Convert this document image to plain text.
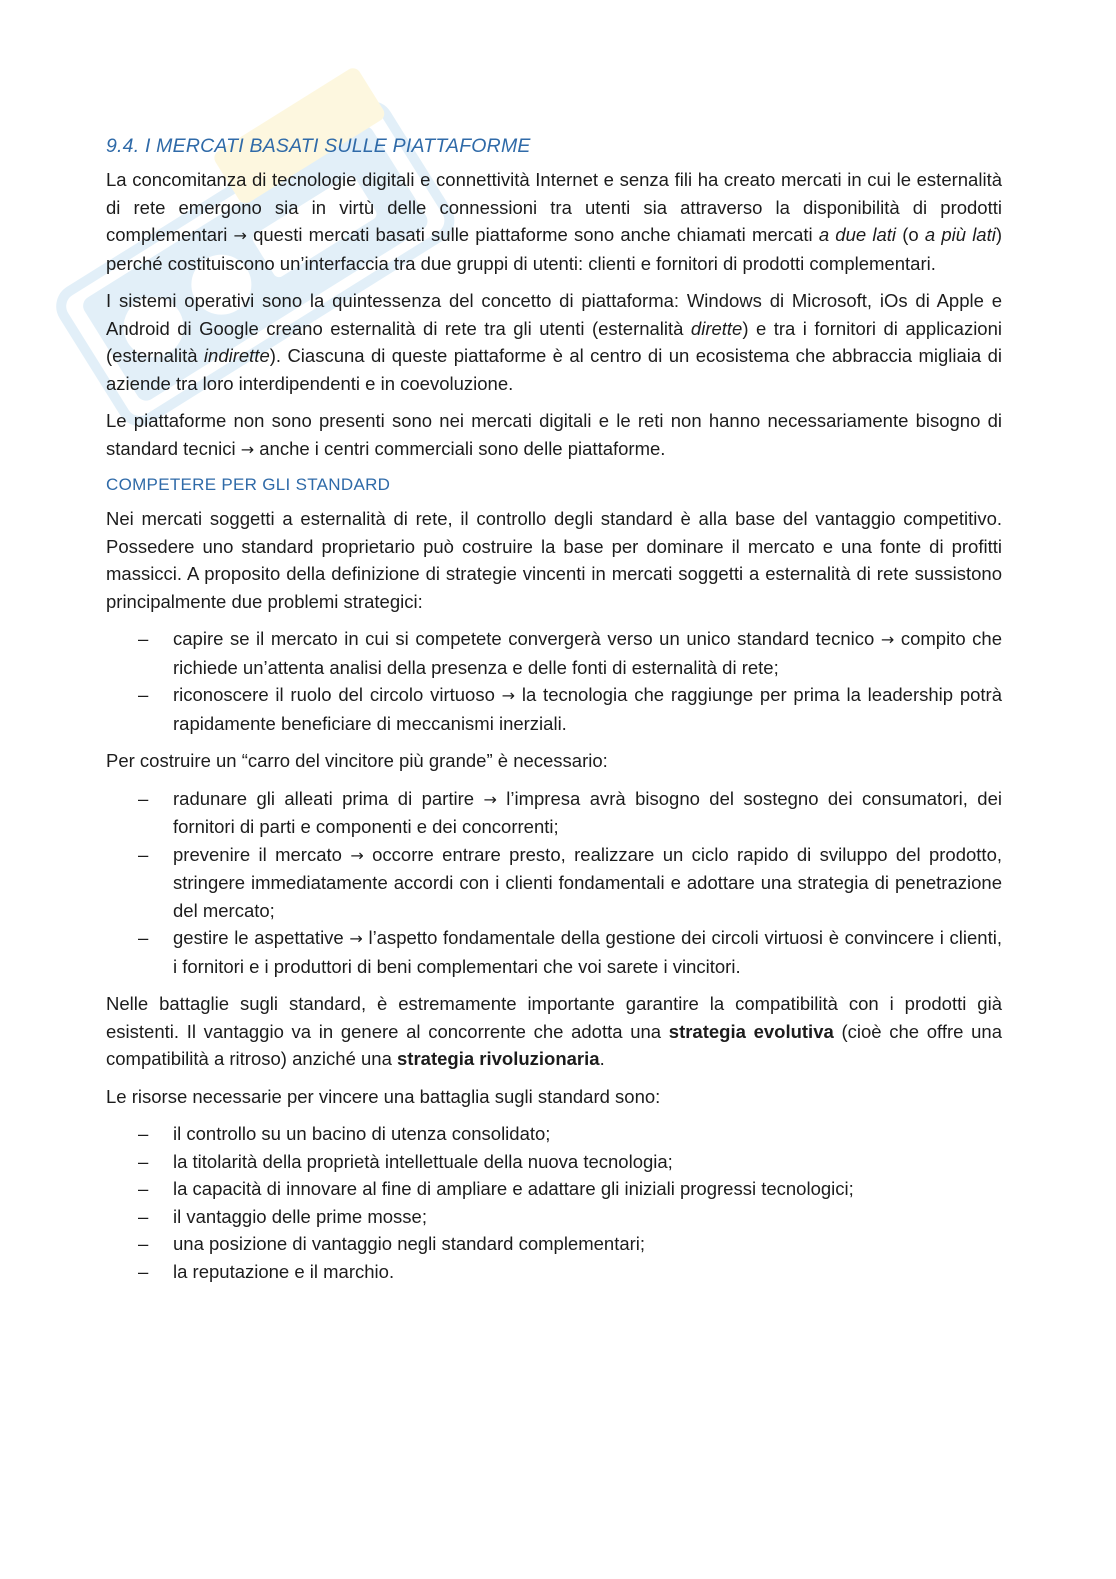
9.4. I MERCATI BASATI SULLE PIATTAFORME

La concomitanza di tecnologie digitali e connettività Internet e senza fili ha creato mercati in cui le esternalità di rete emergono sia in virtù delle connessioni tra utenti sia attraverso la disponibilità di prodotti complementari → questi mercati basati sulle piattaforme sono anche chiamati mercati a due lati (o a più lati) perché costituiscono un’interfaccia tra due gruppi di utenti: clienti e fornitori di prodotti complementari.

I sistemi operativi sono la quintessenza del concetto di piattaforma: Windows di Microsoft, iOs di Apple e Android di Google creano esternalità di rete tra gli utenti (esternalità dirette) e tra i fornitori di applicazioni (esternalità indirette). Ciascuna di queste piattaforme è al centro di un ecosistema che abbraccia migliaia di aziende tra loro interdipendenti e in coevoluzione.

Le piattaforme non sono presenti sono nei mercati digitali e le reti non hanno necessariamente bisogno di standard tecnici → anche i centri commerciali sono delle piattaforme.

COMPETERE PER GLI STANDARD

Nei mercati soggetti a esternalità di rete, il controllo degli standard è alla base del vantaggio competitivo. Possedere uno standard proprietario può costruire la base per dominare il mercato e una fonte di profitti massicci. A proposito della definizione di strategie vincenti in mercati soggetti a esternalità di rete sussistono principalmente due problemi strategici:

– capire se il mercato in cui si competete convergerà verso un unico standard tecnico → compito che richiede un’attenta analisi della presenza e delle fonti di esternalità di rete;
– riconoscere il ruolo del circolo virtuoso → la tecnologia che raggiunge per prima la leadership potrà rapidamente beneficiare di meccanismi inerziali.

Per costruire un “carro del vincitore più grande” è necessario:

– radunare gli alleati prima di partire → l’impresa avrà bisogno del sostegno dei consumatori, dei fornitori di parti e componenti e dei concorrenti;
– prevenire il mercato → occorre entrare presto, realizzare un ciclo rapido di sviluppo del prodotto, stringere immediatamente accordi con i clienti fondamentali e adottare una strategia di penetrazione del mercato;
– gestire le aspettative → l’aspetto fondamentale della gestione dei circoli virtuosi è convincere i clienti, i fornitori e i produttori di beni complementari che voi sarete i vincitori.

Nelle battaglie sugli standard, è estremamente importante garantire la compatibilità con i prodotti già esistenti. Il vantaggio va in genere al concorrente che adotta una strategia evolutiva (cioè che offre una compatibilità a ritroso) anziché una strategia rivoluzionaria.

Le risorse necessarie per vincere una battaglia sugli standard sono:

– il controllo su un bacino di utenza consolidato;
– la titolarità della proprietà intellettuale della nuova tecnologia;
– la capacità di innovare al fine di ampliare e adattare gli iniziali progressi tecnologici;
– il vantaggio delle prime mosse;
– una posizione di vantaggio negli standard complementari;
– la reputazione e il marchio.
